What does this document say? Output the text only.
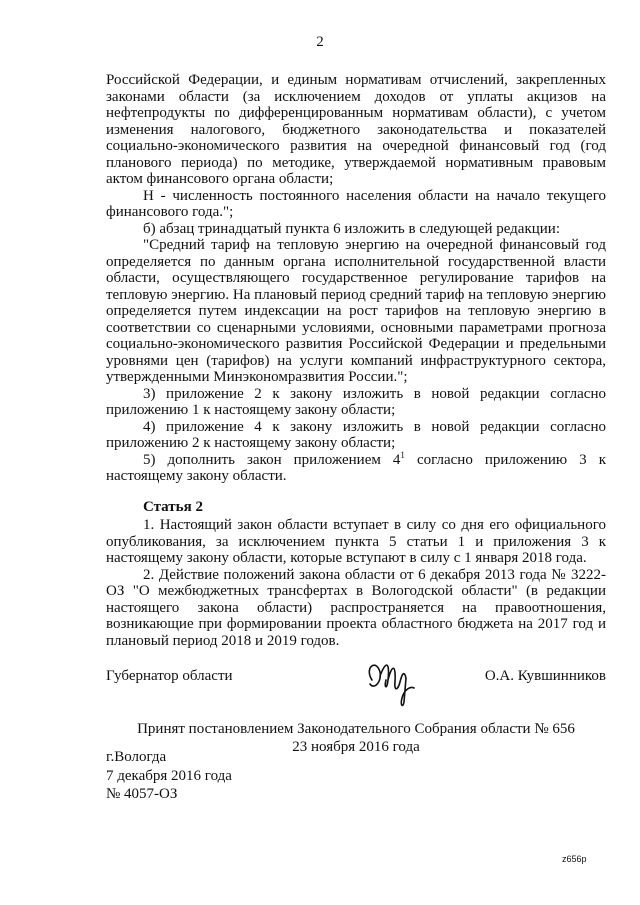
2

Российской Федерации, и единым нормативам отчислений, закрепленных законами области (за исключением доходов от уплаты акцизов на нефтепродукты по дифференцированным нормативам области), с учетом изменения налогового, бюджетного законодательства и показателей социально-экономического развития на очередной финансовый год (год планового периода) по методике, утверждаемой нормативным правовым актом финансового органа области;

Н - численность постоянного населения области на начало текущего финансового года.";

б) абзац тринадцатый пункта 6 изложить в следующей редакции:

"Средний тариф на тепловую энергию на очередной финансовый год определяется по данным органа исполнительной государственной власти области, осуществляющего государственное регулирование тарифов на тепловую энергию. На плановый период средний тариф на тепловую энергию определяется путем индексации на рост тарифов на тепловую энергию в соответствии со сценарными условиями, основными параметрами прогноза социально-экономического развития Российской Федерации и предельными уровнями цен (тарифов) на услуги компаний инфраструктурного сектора, утвержденными Минэкономразвития России.";

3) приложение 2 к закону изложить в новой редакции согласно приложению 1 к настоящему закону области;

4) приложение 4 к закону изложить в новой редакции согласно приложению 2 к настоящему закону области;

5) дополнить закон приложением $4^1$ согласно приложению 3 к настоящему закону области.

Статья 2

1. Настоящий закон области вступает в силу со дня его официального опубликования, за исключением пункта 5 статьи 1 и приложения 3 к настоящему закону области, которые вступают в силу с 1 января 2018 года.

2. Действие положений закона области от 6 декабря 2013 года № 3222-ОЗ "О межбюджетных трансфертах в Вологодской области" (в редакции настоящего закона области) распространяется на правоотношения, возникающие при формировании проекта областного бюджета на 2017 год и плановый период 2018 и 2019 годов.

Губернатор области	О.А. Кувшинников
Принят постановлением Законодательного Собрания области № 656
23 ноября 2016 года
г.Вологда
7 декабря 2016 года
№ 4057-ОЗ
z656p
